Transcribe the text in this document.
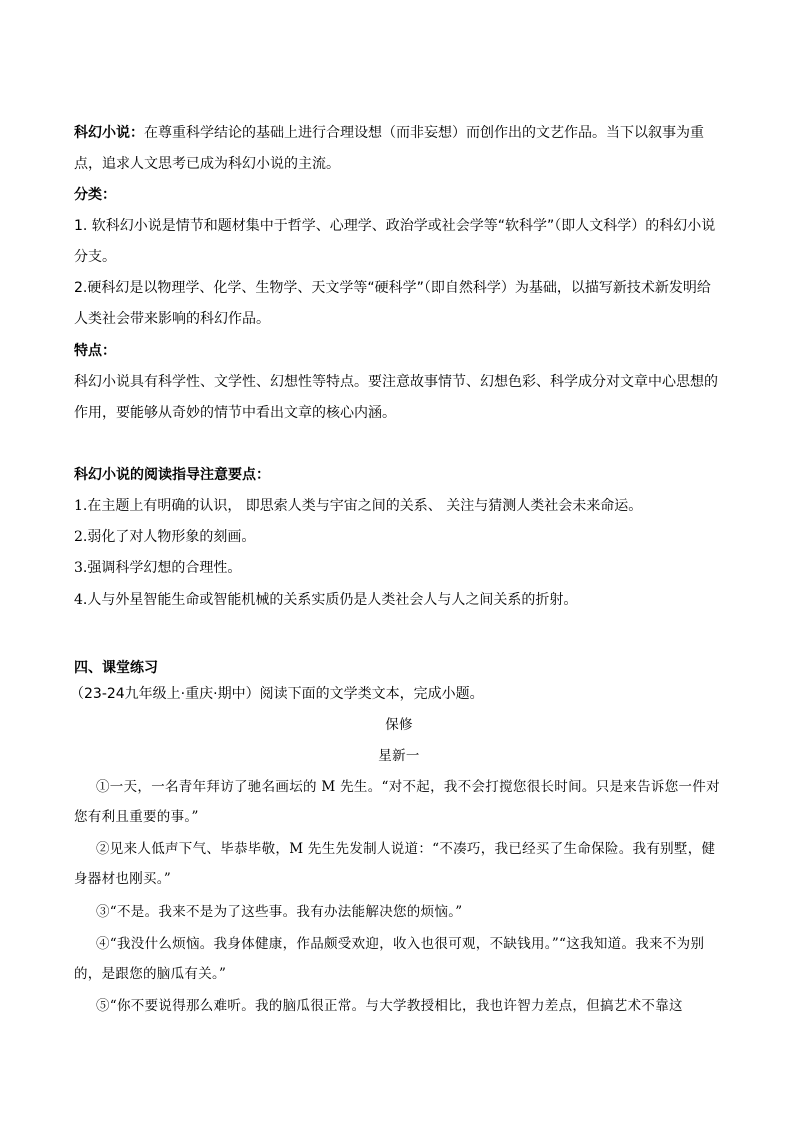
科幻小说：在尊重科学结论的基础上进行合理设想（而非妄想）而创作出的文艺作品。当下以叙事为重点，追求人文思考已成为科幻小说的主流。
分类：
1. 软科幻小说是情节和题材集中于哲学、心理学、政治学或社会学等“软科学”（即人文科学）的科幻小说分支。
2.硬科幻是以物理学、化学、生物学、天文学等“硬科学”（即自然科学）为基础，以描写新技术新发明给人类社会带来影响的科幻作品。
特点：
科幻小说具有科学性、文学性、幻想性等特点。要注意故事情节、幻想色彩、科学成分对文章中心思想的作用，要能够从奇妙的情节中看出文章的核心内涵。
科幻小说的阅读指导注意要点：
1.在主题上有明确的认识， 即思索人类与宇宙之间的关系、 关注与猜测人类社会未来命运。
2.弱化了对人物形象的刻画。
3.强调科学幻想的合理性。
4.人与外星智能生命或智能机械的关系实质仍是人类社会人与人之间关系的折射。
四、课堂练习
（23-24九年级上·重庆·期中）阅读下面的文学类文本，完成小题。
保修
星新一
①一天，一名青年拜访了驰名画坛的 M 先生。“对不起，我不会打搅您很长时间。只是来告诉您一件对您有利且重要的事。”
②见来人低声下气、毕恭毕敬，M 先生先发制人说道：“不凑巧，我已经买了生命保险。我有别墅，健身器材也刚买。”
③“不是。我来不是为了这些事。我有办法能解决您的烦恼。”
④“我没什么烦恼。我身体健康，作品颇受欢迎，收入也很可观，不缺钱用。”“这我知道。我来不为别的，是跟您的脑瓜有关。”
⑤“你不要说得那么难听。我的脑瓜很正常。与大学教授相比，我也许智力差点，但搞艺术不靠这
